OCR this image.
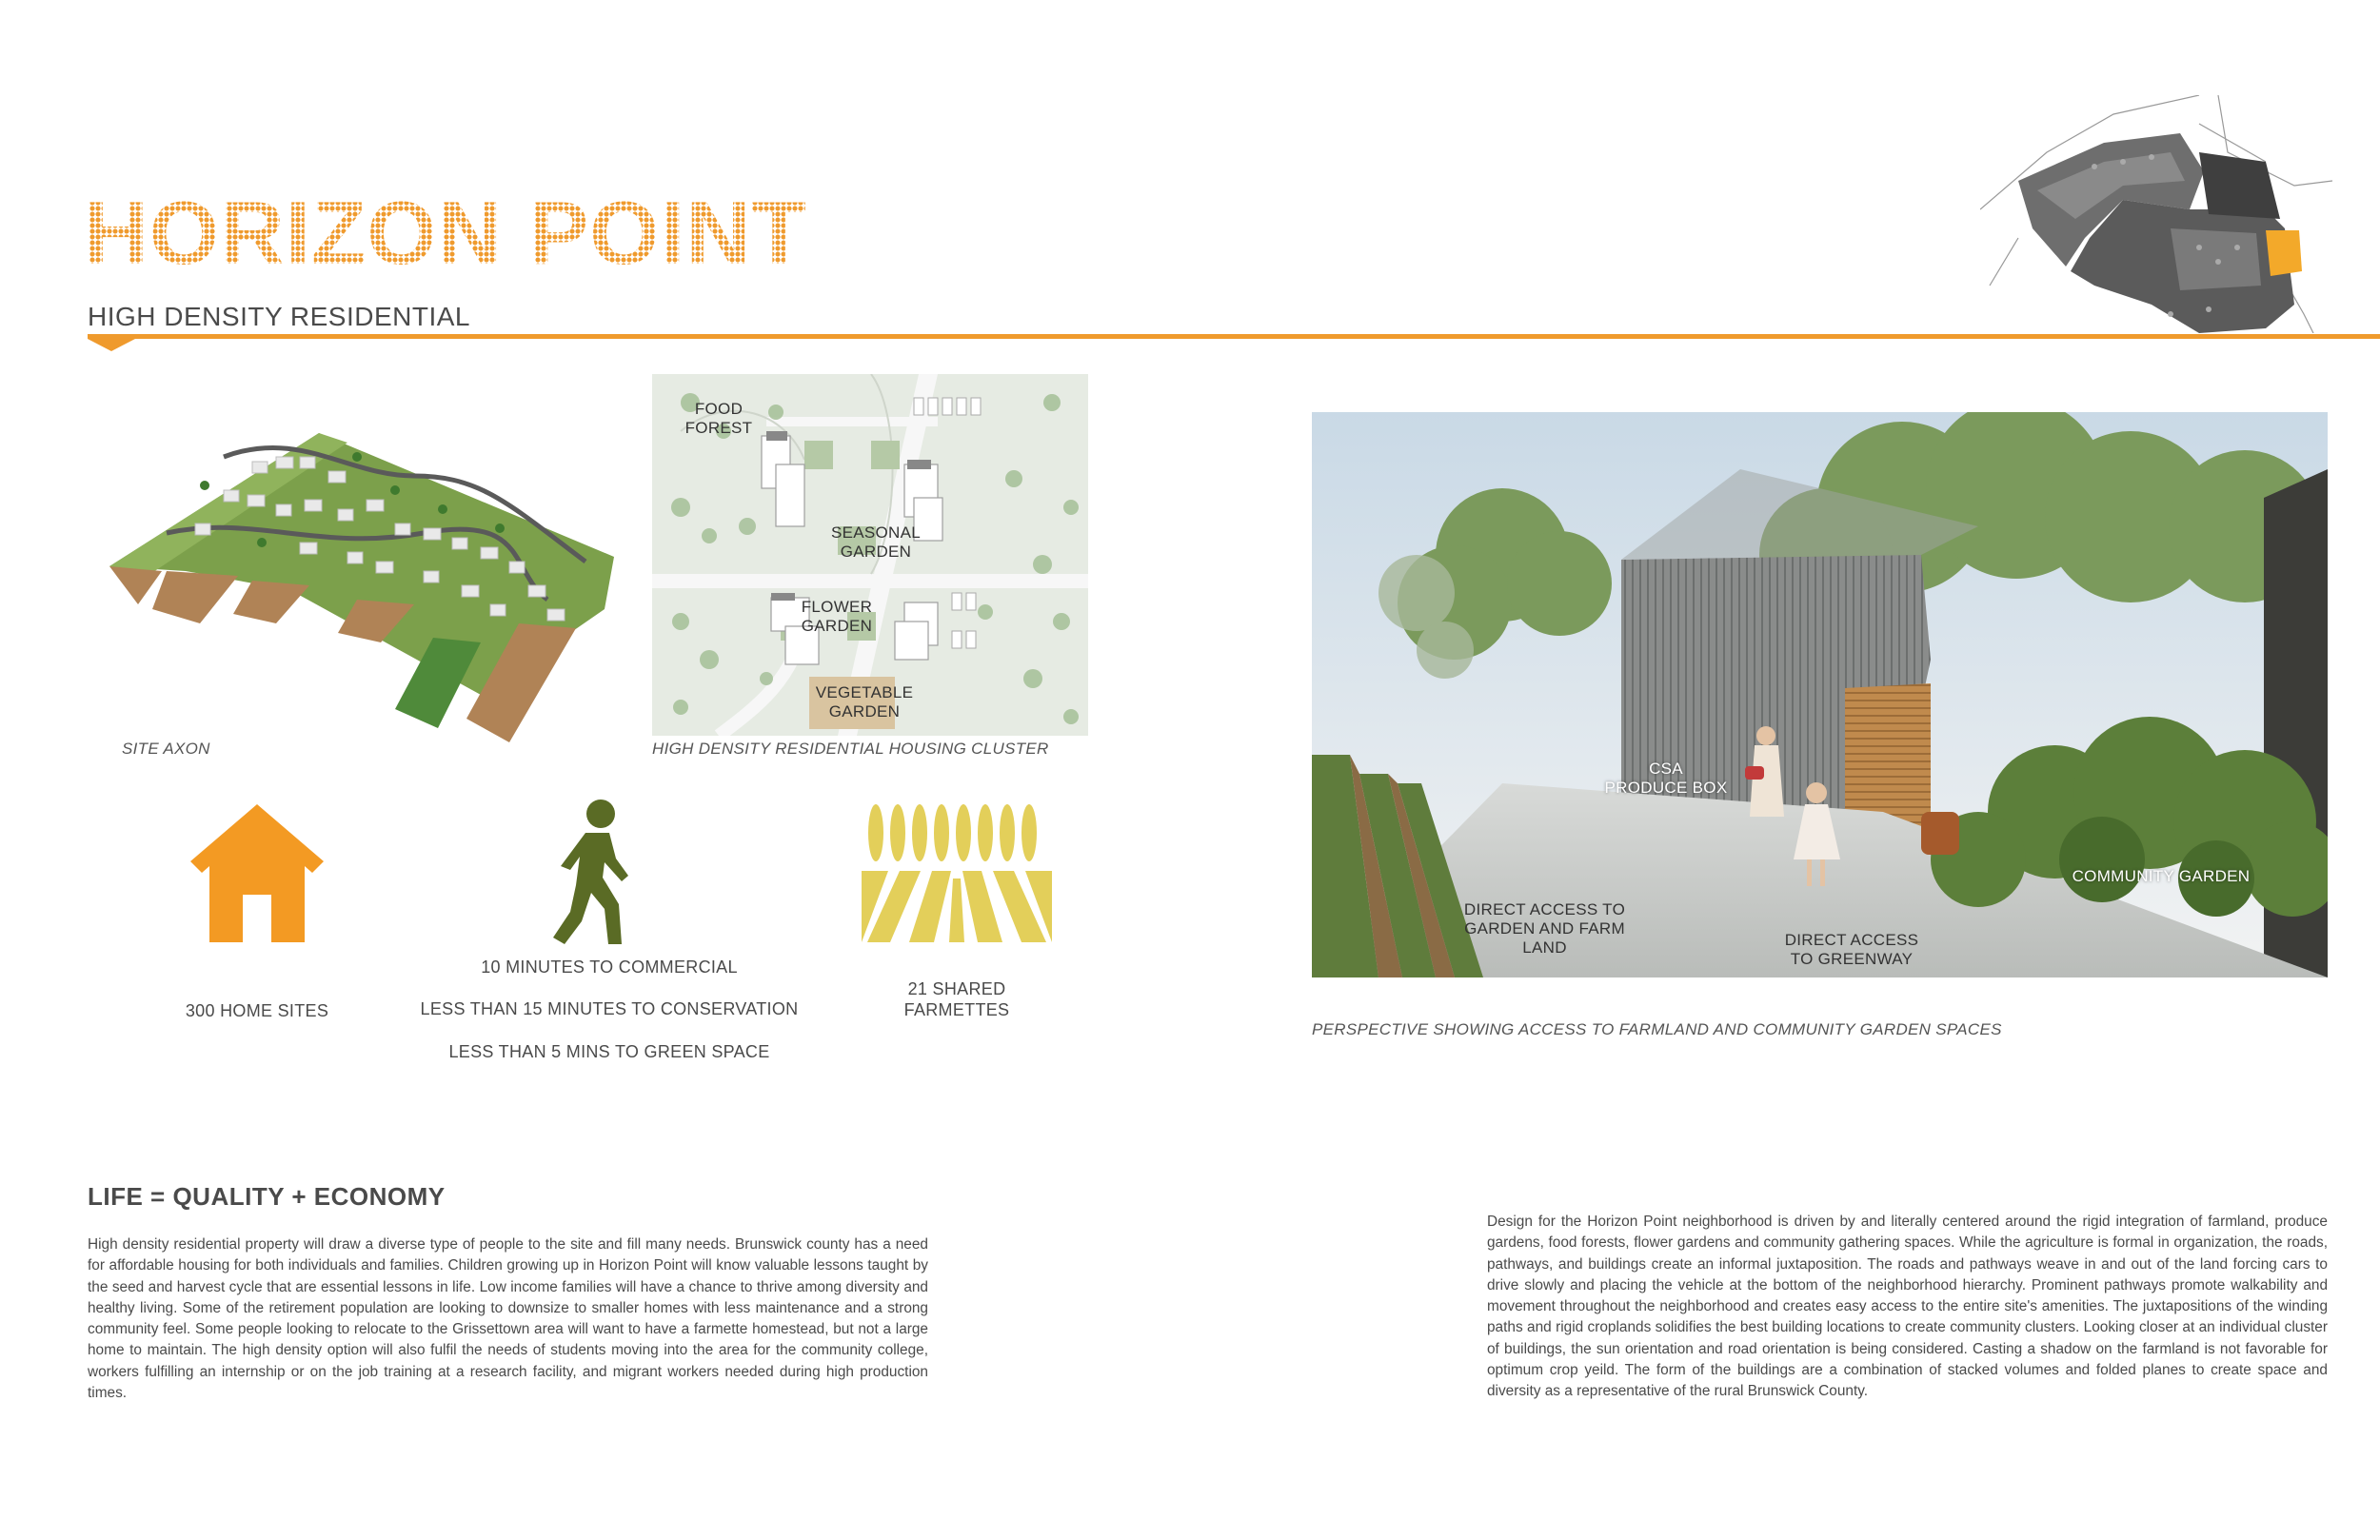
HORIZON POINT
HIGH DENSITY RESIDENTIAL
SITE AXON
FOOD
FOREST
SEASONAL
GARDEN
FLOWER
GARDEN
VEGETABLE
GARDEN
HIGH DENSITY RESIDENTIAL HOUSING CLUSTER
300 HOME SITES
10 MINUTES TO COMMERCIAL
LESS THAN 15 MINUTES TO CONSERVATION
LESS THAN 5 MINS TO GREEN SPACE
21 SHARED
FARMETTES
CSA
PRODUCE BOX
COMMUNITY GARDEN
DIRECT ACCESS TO
GARDEN AND FARM
LAND	DIRECT ACCESS
TO GREENWAY
PERSPECTIVE SHOWING ACCESS TO FARMLAND AND COMMUNITY GARDEN SPACES
LIFE = QUALITY + ECONOMY
High density residential property will draw a diverse type of people to the site and fill many needs. Brunswick county has a need for affordable housing for both individuals and families. Children growing up in Horizon Point will know valuable lessons taught by the seed and harvest cycle that are essential lessons in life. Low income families will have a chance to thrive among diversity and healthy living. Some of the retirement population are looking to downsize to smaller homes with less maintenance and a strong community feel. Some people looking to relocate to the Grissettown area will want to have a farmette homestead, but not a large home to maintain. The high density option will also fulfil the needs of students moving into the area for the community college, workers fulfilling an internship or on the job training at a research facility, and migrant workers needed during high production times.
Design for the Horizon Point neighborhood is driven by and literally centered around the rigid integration of farmland, produce gardens, food forests, flower gardens and community gathering spaces. While the agriculture is formal in organization, the roads, pathways, and buildings create an informal juxtaposition. The roads and pathways weave in and out of the land forcing cars to drive slowly and placing the vehicle at the bottom of the neighborhood hierarchy. Prominent pathways promote walkability and movement throughout the neighborhood and creates easy access to the entire site's amenities. The juxtapositions of the winding paths and rigid croplands solidifies the best building locations to create community clusters. Looking closer at an individual cluster of buildings, the sun orientation and road orientation is being considered. Casting a shadow on the farmland is not favorable for optimum crop yeild. The form of the buildings are a combination of stacked volumes and folded planes to create space and diversity as a representative of the rural Brunswick County.
